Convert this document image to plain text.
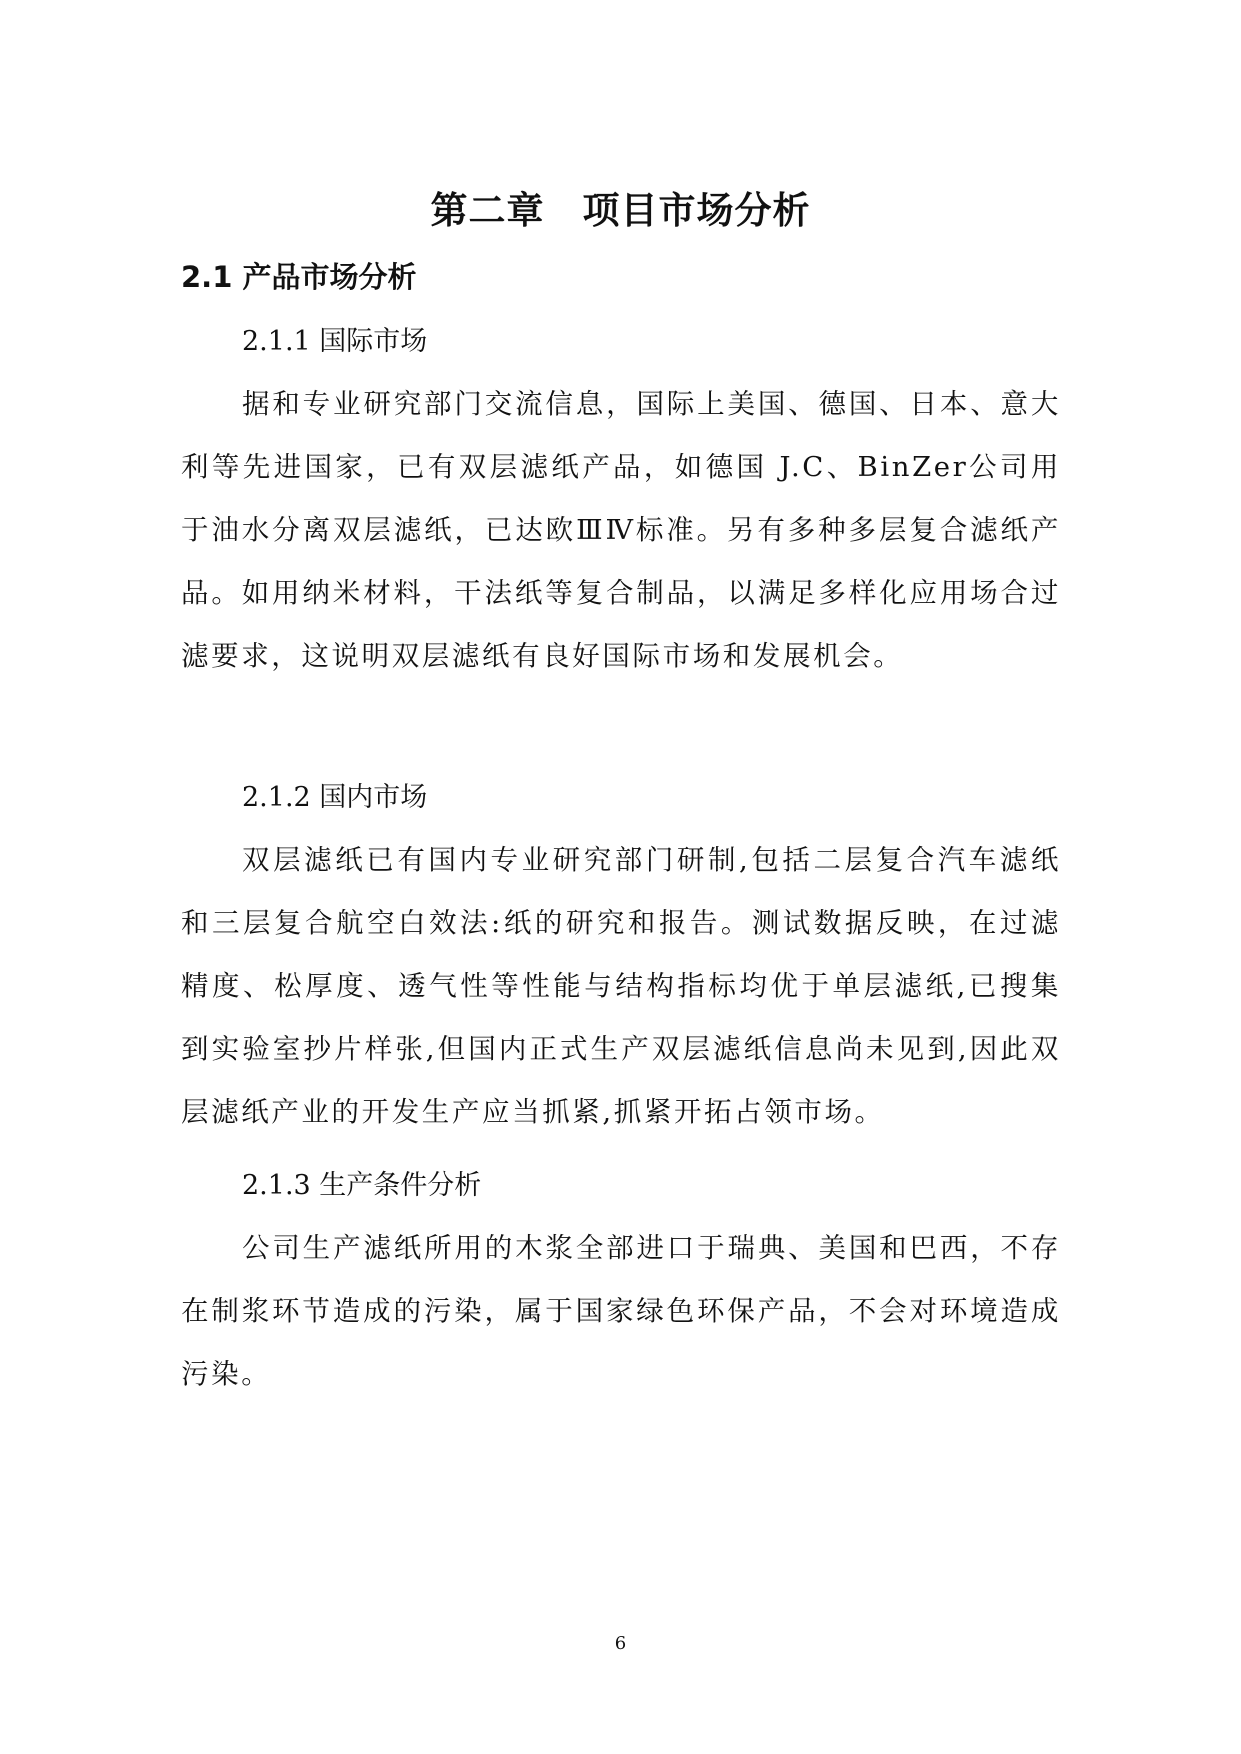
第二章　项目市场分析
2.1 产品市场分析
2.1.1 国际市场

据和专业研究部门交流信息，国际上美国、德国、日本、意大利等先进国家，已有双层滤纸产品，如德国 J.C、BinZer公司用于油水分离双层滤纸，已达欧ⅢⅣ标准。另有多种多层复合滤纸产品。如用纳米材料，干法纸等复合制品，以满足多样化应用场合过滤要求，这说明双层滤纸有良好国际市场和发展机会。

2.1.2 国内市场

双层滤纸已有国内专业研究部门研制,包括二层复合汽车滤纸和三层复合航空白效法:纸的研究和报告。测试数据反映，在过滤精度、松厚度、透气性等性能与结构指标均优于单层滤纸,已搜集到实验室抄片样张,但国内正式生产双层滤纸信息尚未见到,因此双层滤纸产业的开发生产应当抓紧,抓紧开拓占领市场。

2.1.3 生产条件分析

公司生产滤纸所用的木浆全部进口于瑞典、美国和巴西，不存在制浆环节造成的污染，属于国家绿色环保产品，不会对环境造成污染。

6
